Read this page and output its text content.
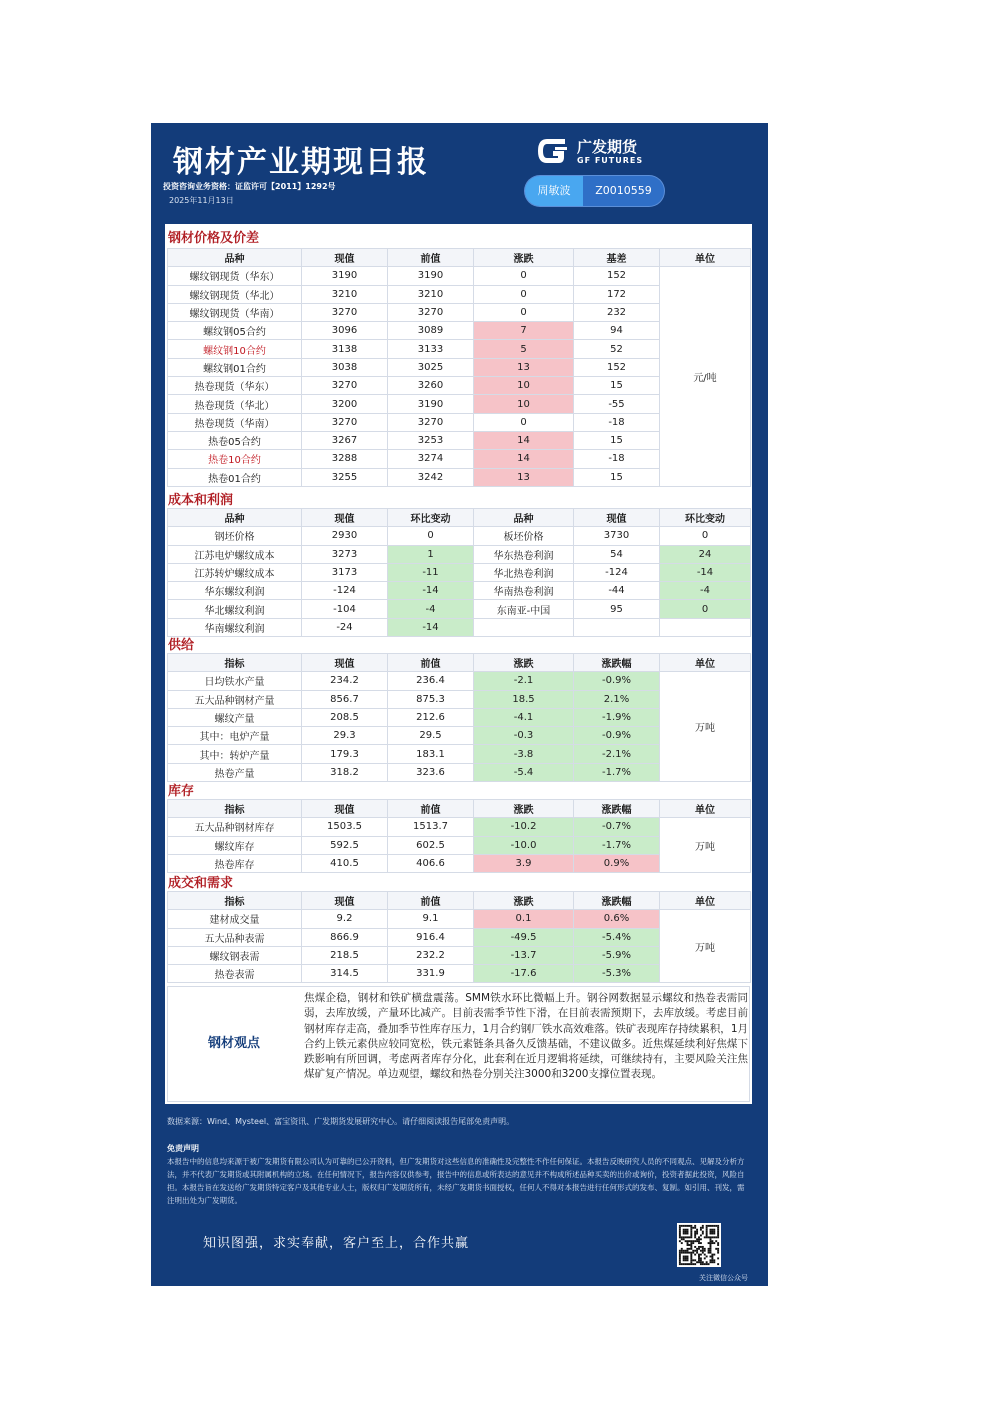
钢材产业期现日报
投资咨询业务资格：证监许可【2011】1292号
2025年11月13日
广发期货
GF FUTURES
周敏波	Z0010559
钢材价格及价差
品种	现值	前值	涨跌	基差	单位
螺纹钢现货（华东）	3190	3190	0	152	元/吨
螺纹钢现货（华北）	3210	3210	0	172	
螺纹钢现货（华南）	3270	3270	0	232	
螺纹钢05合约	3096	3089	7	94	
螺纹钢10合约	3138	3133	5	52	
螺纹钢01合约	3038	3025	13	152	
热卷现货（华东）	3270	3260	10	15	
热卷现货（华北）	3200	3190	10	-55	
热卷现货（华南）	3270	3270	0	-18	
热卷05合约	3267	3253	14	15	
热卷10合约	3288	3274	14	-18	
热卷01合约	3255	3242	13	15	
成本和利润
品种	现值	环比变动	品种	现值	环比变动
钢坯价格	2930	0	板坯价格	3730	0
江苏电炉螺纹成本	3273	1	华东热卷利润	54	24
江苏转炉螺纹成本	3173	-11	华北热卷利润	-124	-14
华东螺纹利润	-124	-14	华南热卷利润	-44	-4
华北螺纹利润	-104	-4	东南亚-中国	95	0
华南螺纹利润	-24	-14			
供给
指标	现值	前值	涨跌	涨跌幅	单位
日均铁水产量	234.2	236.4	-2.1	-0.9%	万吨
五大品种钢材产量	856.7	875.3	18.5	2.1%	
螺纹产量	208.5	212.6	-4.1	-1.9%	
其中：电炉产量	29.3	29.5	-0.3	-0.9%	
其中：转炉产量	179.3	183.1	-3.8	-2.1%	
热卷产量	318.2	323.6	-5.4	-1.7%	
库存
指标	现值	前值	涨跌	涨跌幅	单位
五大品种钢材库存	1503.5	1513.7	-10.2	-0.7%	万吨
螺纹库存	592.5	602.5	-10.0	-1.7%	
热卷库存	410.5	406.6	3.9	0.9%	
成交和需求
指标	现值	前值	涨跌	涨跌幅	单位
建材成交量	9.2	9.1	0.1	0.6%	万吨
五大品种表需	866.9	916.4	-49.5	-5.4%	
螺纹钢表需	218.5	232.2	-13.7	-5.9%	
热卷表需	314.5	331.9	-17.6	-5.3%	
钢材观点
焦煤企稳，钢材和铁矿横盘震荡。SMM铁水环比微幅上升。钢谷网数据显示螺纹和热卷表需同弱，去库放缓，产量环比减产。目前表需季节性下滑，在目前表需预期下，去库放缓。考虑目前钢材库存走高，叠加季节性库存压力，1月合约钢厂铁水高效难落。铁矿表现库存持续累积，1月合约上铁元素供应较同宽松，铁元素链条具备久反馈基础，不建议做多。近焦煤延续利好焦煤下跌影响有所回调，考虑两者库存分化，此套利在近月逻辑将延续，可继续持有，主要风险关注焦煤矿复产情况。单边观望，螺纹和热卷分别关注3000和3200支撑位置表现。
数据来源：Wind、Mysteel、富宝资讯、广发期货发展研究中心。请仔细阅读报告尾部免责声明。
免责声明
本报告中的信息均来源于被广发期货有限公司认为可靠的已公开资料，但广发期货对这些信息的准确性及完整性不作任何保证。本报告反映研究人员的不同观点、见解及分析方法，并不代表广发期货或其附属机构的立场。在任何情况下，报告内容仅供参考，报告中的信息或所表达的意见并不构成所述品种买卖的出价或询价，投资者据此投资，风险自担。本报告旨在发送给广发期货特定客户及其他专业人士，版权归广发期货所有，未经广发期货书面授权，任何人不得对本报告进行任何形式的发布、复制。如引用、刊发，需注明出处为广发期货。
知识图强，求实奉献，客户至上，合作共赢
关注微信公众号
